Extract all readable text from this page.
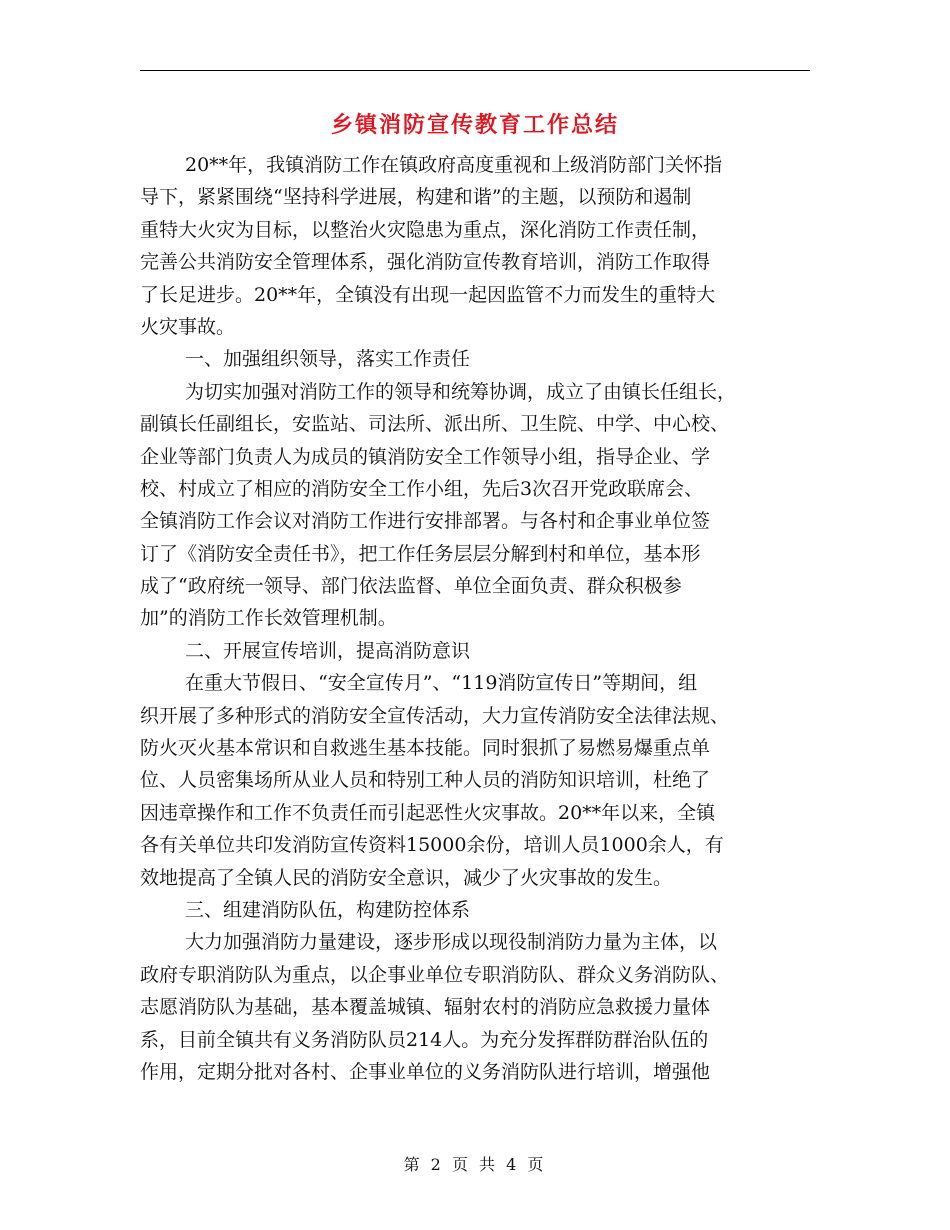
乡镇消防宣传教育工作总结
20**年，我镇消防工作在镇政府高度重视和上级消防部门关怀指
导下，紧紧围绕“坚持科学进展，构建和谐”的主题，以预防和遏制
重特大火灾为目标，以整治火灾隐患为重点，深化消防工作责任制，
完善公共消防安全管理体系，强化消防宣传教育培训，消防工作取得
了长足进步。20**年，全镇没有出现一起因监管不力而发生的重特大
火灾事故。
一、加强组织领导，落实工作责任
为切实加强对消防工作的领导和统筹协调，成立了由镇长任组长，
副镇长任副组长，安监站、司法所、派出所、卫生院、中学、中心校、
企业等部门负责人为成员的镇消防安全工作领导小组，指导企业、学
校、村成立了相应的消防安全工作小组，先后3次召开党政联席会、
全镇消防工作会议对消防工作进行安排部署。与各村和企事业单位签
订了《消防安全责任书》，把工作任务层层分解到村和单位，基本形
成了“政府统一领导、部门依法监督、单位全面负责、群众积极参
加”的消防工作长效管理机制。
二、开展宣传培训，提高消防意识
在重大节假日、“安全宣传月”、“119消防宣传日”等期间，组
织开展了多种形式的消防安全宣传活动，大力宣传消防安全法律法规、
防火灭火基本常识和自救逃生基本技能。同时狠抓了易燃易爆重点单
位、人员密集场所从业人员和特别工种人员的消防知识培训，杜绝了
因违章操作和工作不负责任而引起恶性火灾事故。20**年以来，全镇
各有关单位共印发消防宣传资料15000余份，培训人员1000余人，有
效地提高了全镇人民的消防安全意识，减少了火灾事故的发生。
三、组建消防队伍，构建防控体系
大力加强消防力量建设，逐步形成以现役制消防力量为主体，以
政府专职消防队为重点，以企事业单位专职消防队、群众义务消防队、
志愿消防队为基础，基本覆盖城镇、辐射农村的消防应急救援力量体
系，目前全镇共有义务消防队员214人。为充分发挥群防群治队伍的
作用，定期分批对各村、企事业单位的义务消防队进行培训，增强他
第 2 页 共 4 页
